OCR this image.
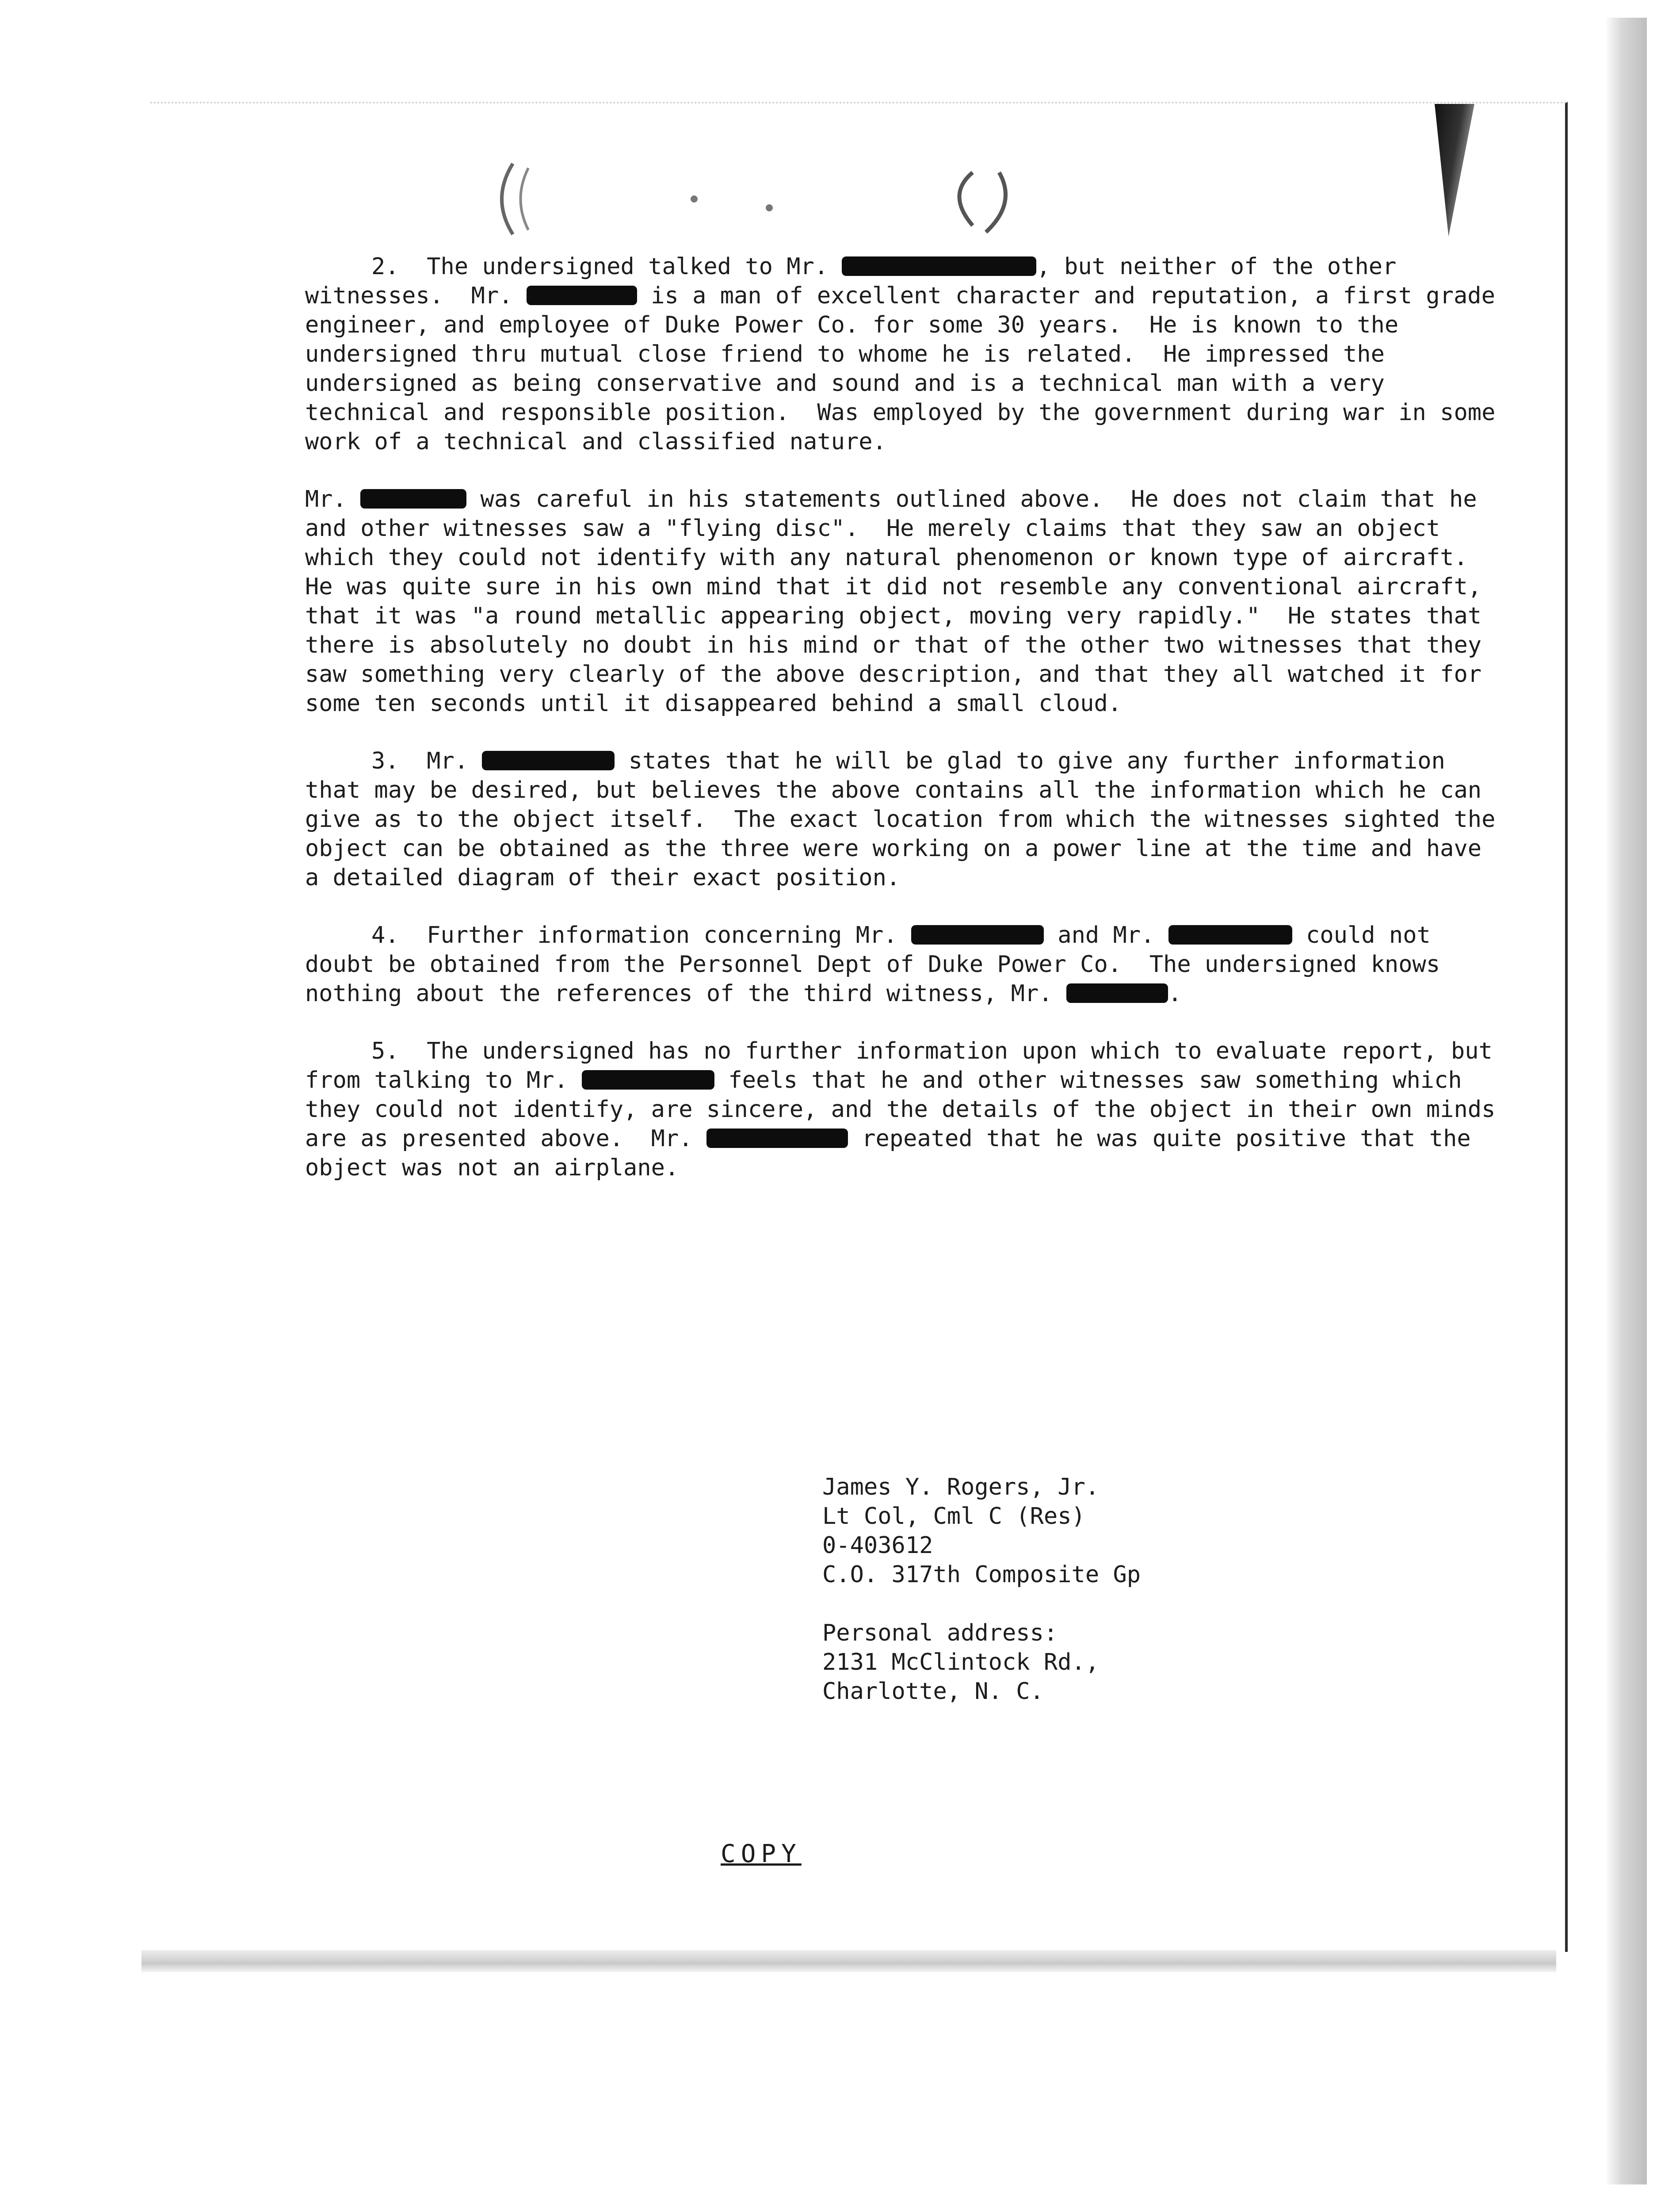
2.  The undersigned talked to Mr.	, but neither of the other witnesses.  Mr.	is a man of excellent character and reputation, a first grade engineer, and employee of Duke Power Co. for some 30 years.  He is known to the undersigned thru mutual close friend to whome he is related.  He impressed the undersigned as being conservative and sound and is a technical man with a very technical and responsible position.  Was employed by the government during war in some work of a technical and classified nature.

Mr.	was careful in his statements outlined above.  He does not claim that he and other witnesses saw a "flying disc".  He merely claims that they saw an object which they could not identify with any natural phenomenon or known type of aircraft.  He was quite sure in his own mind that it did not resemble any conventional aircraft, that it was "a round metallic appearing object, moving very rapidly."  He states that there is absolutely no doubt in his mind or that of the other two witnesses that they saw something very clearly of the above description, and that they all watched it for some ten seconds until it disappeared behind a small cloud.

3.  Mr.	states that he will be glad to give any further information that may be desired, but believes the above contains all the information which he can give as to the object itself.  The exact location from which the witnesses sighted the object can be obtained as the three were working on a power line at the time and have a detailed diagram of their exact position.

4.  Further information concerning Mr.	and Mr.	could not doubt be obtained from the Personnel Dept of Duke Power Co.  The undersigned knows nothing about the references of the third witness, Mr.	.

5.  The undersigned has no further information upon which to evaluate report, but from talking to Mr.	feels that he and other witnesses saw something which they could not identify, are sincere, and the details of the object in their own minds are as presented above.  Mr.	repeated that he was quite positive that the object was not an airplane.

James Y. Rogers, Jr.
Lt Col, Cml C (Res)
0-403612
C.O. 317th Composite Gp
Personal address:
2131 McClintock Rd.,
Charlotte, N. C.
COPY
